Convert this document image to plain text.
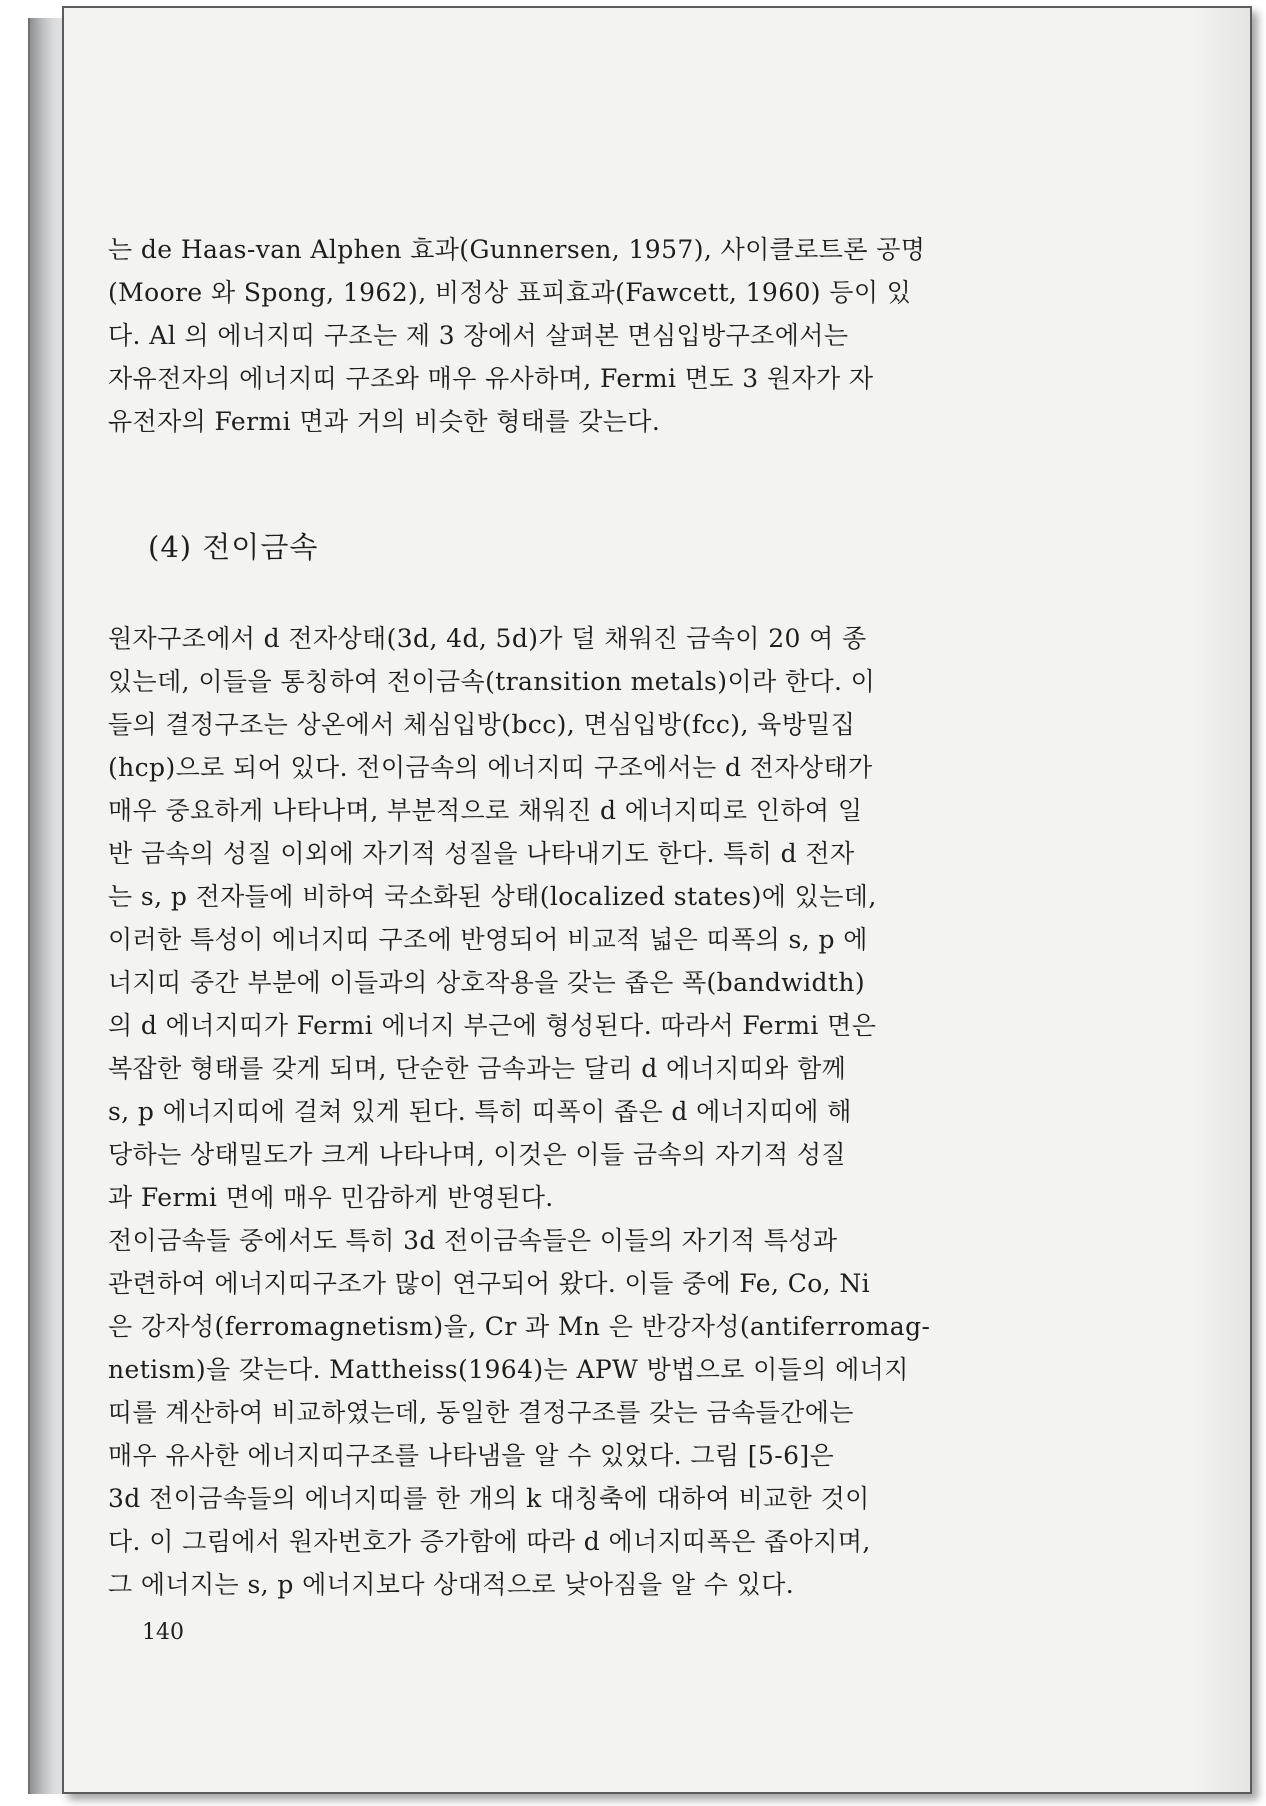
는 de Haas-van Alphen 효과(Gunnersen, 1957), 사이클로트론 공명
(Moore 와 Spong, 1962), 비정상 표피효과(Fawcett, 1960) 등이 있
다. Al 의 에너지띠 구조는 제 3 장에서 살펴본 면심입방구조에서는
자유전자의 에너지띠 구조와 매우 유사하며, Fermi 면도 3 원자가 자
유전자의 Fermi 면과 거의 비슷한 형태를 갖는다.
(4) 전이금속
원자구조에서 d 전자상태(3d, 4d, 5d)가 덜 채워진 금속이 20 여 종
있는데, 이들을 통칭하여 전이금속(transition metals)이라 한다. 이
들의 결정구조는 상온에서 체심입방(bcc), 면심입방(fcc), 육방밀집
(hcp)으로 되어 있다. 전이금속의 에너지띠 구조에서는 d 전자상태가
매우 중요하게 나타나며, 부분적으로 채워진 d 에너지띠로 인하여 일
반 금속의 성질 이외에 자기적 성질을 나타내기도 한다. 특히 d 전자
는 s, p 전자들에 비하여 국소화된 상태(localized states)에 있는데,
이러한 특성이 에너지띠 구조에 반영되어 비교적 넓은 띠폭의 s, p 에
너지띠 중간 부분에 이들과의 상호작용을 갖는 좁은 폭(bandwidth)
의 d 에너지띠가 Fermi 에너지 부근에 형성된다. 따라서 Fermi 면은
복잡한 형태를 갖게 되며, 단순한 금속과는 달리 d 에너지띠와 함께
s, p 에너지띠에 걸쳐 있게 된다. 특히 띠폭이 좁은 d 에너지띠에 해
당하는 상태밀도가 크게 나타나며, 이것은 이들 금속의 자기적 성질
과 Fermi 면에 매우 민감하게 반영된다.
전이금속들 중에서도 특히 3d 전이금속들은 이들의 자기적 특성과
관련하여 에너지띠구조가 많이 연구되어 왔다. 이들 중에 Fe, Co, Ni
은 강자성(ferromagnetism)을, Cr 과 Mn 은 반강자성(antiferromag-
netism)을 갖는다. Mattheiss(1964)는 APW 방법으로 이들의 에너지
띠를 계산하여 비교하였는데, 동일한 결정구조를 갖는 금속들간에는
매우 유사한 에너지띠구조를 나타냄을 알 수 있었다. 그림 [5-6]은
3d 전이금속들의 에너지띠를 한 개의 k 대칭축에 대하여 비교한 것이
다. 이 그림에서 원자번호가 증가함에 따라 d 에너지띠폭은 좁아지며,
그 에너지는 s, p 에너지보다 상대적으로 낮아짐을 알 수 있다.
140
